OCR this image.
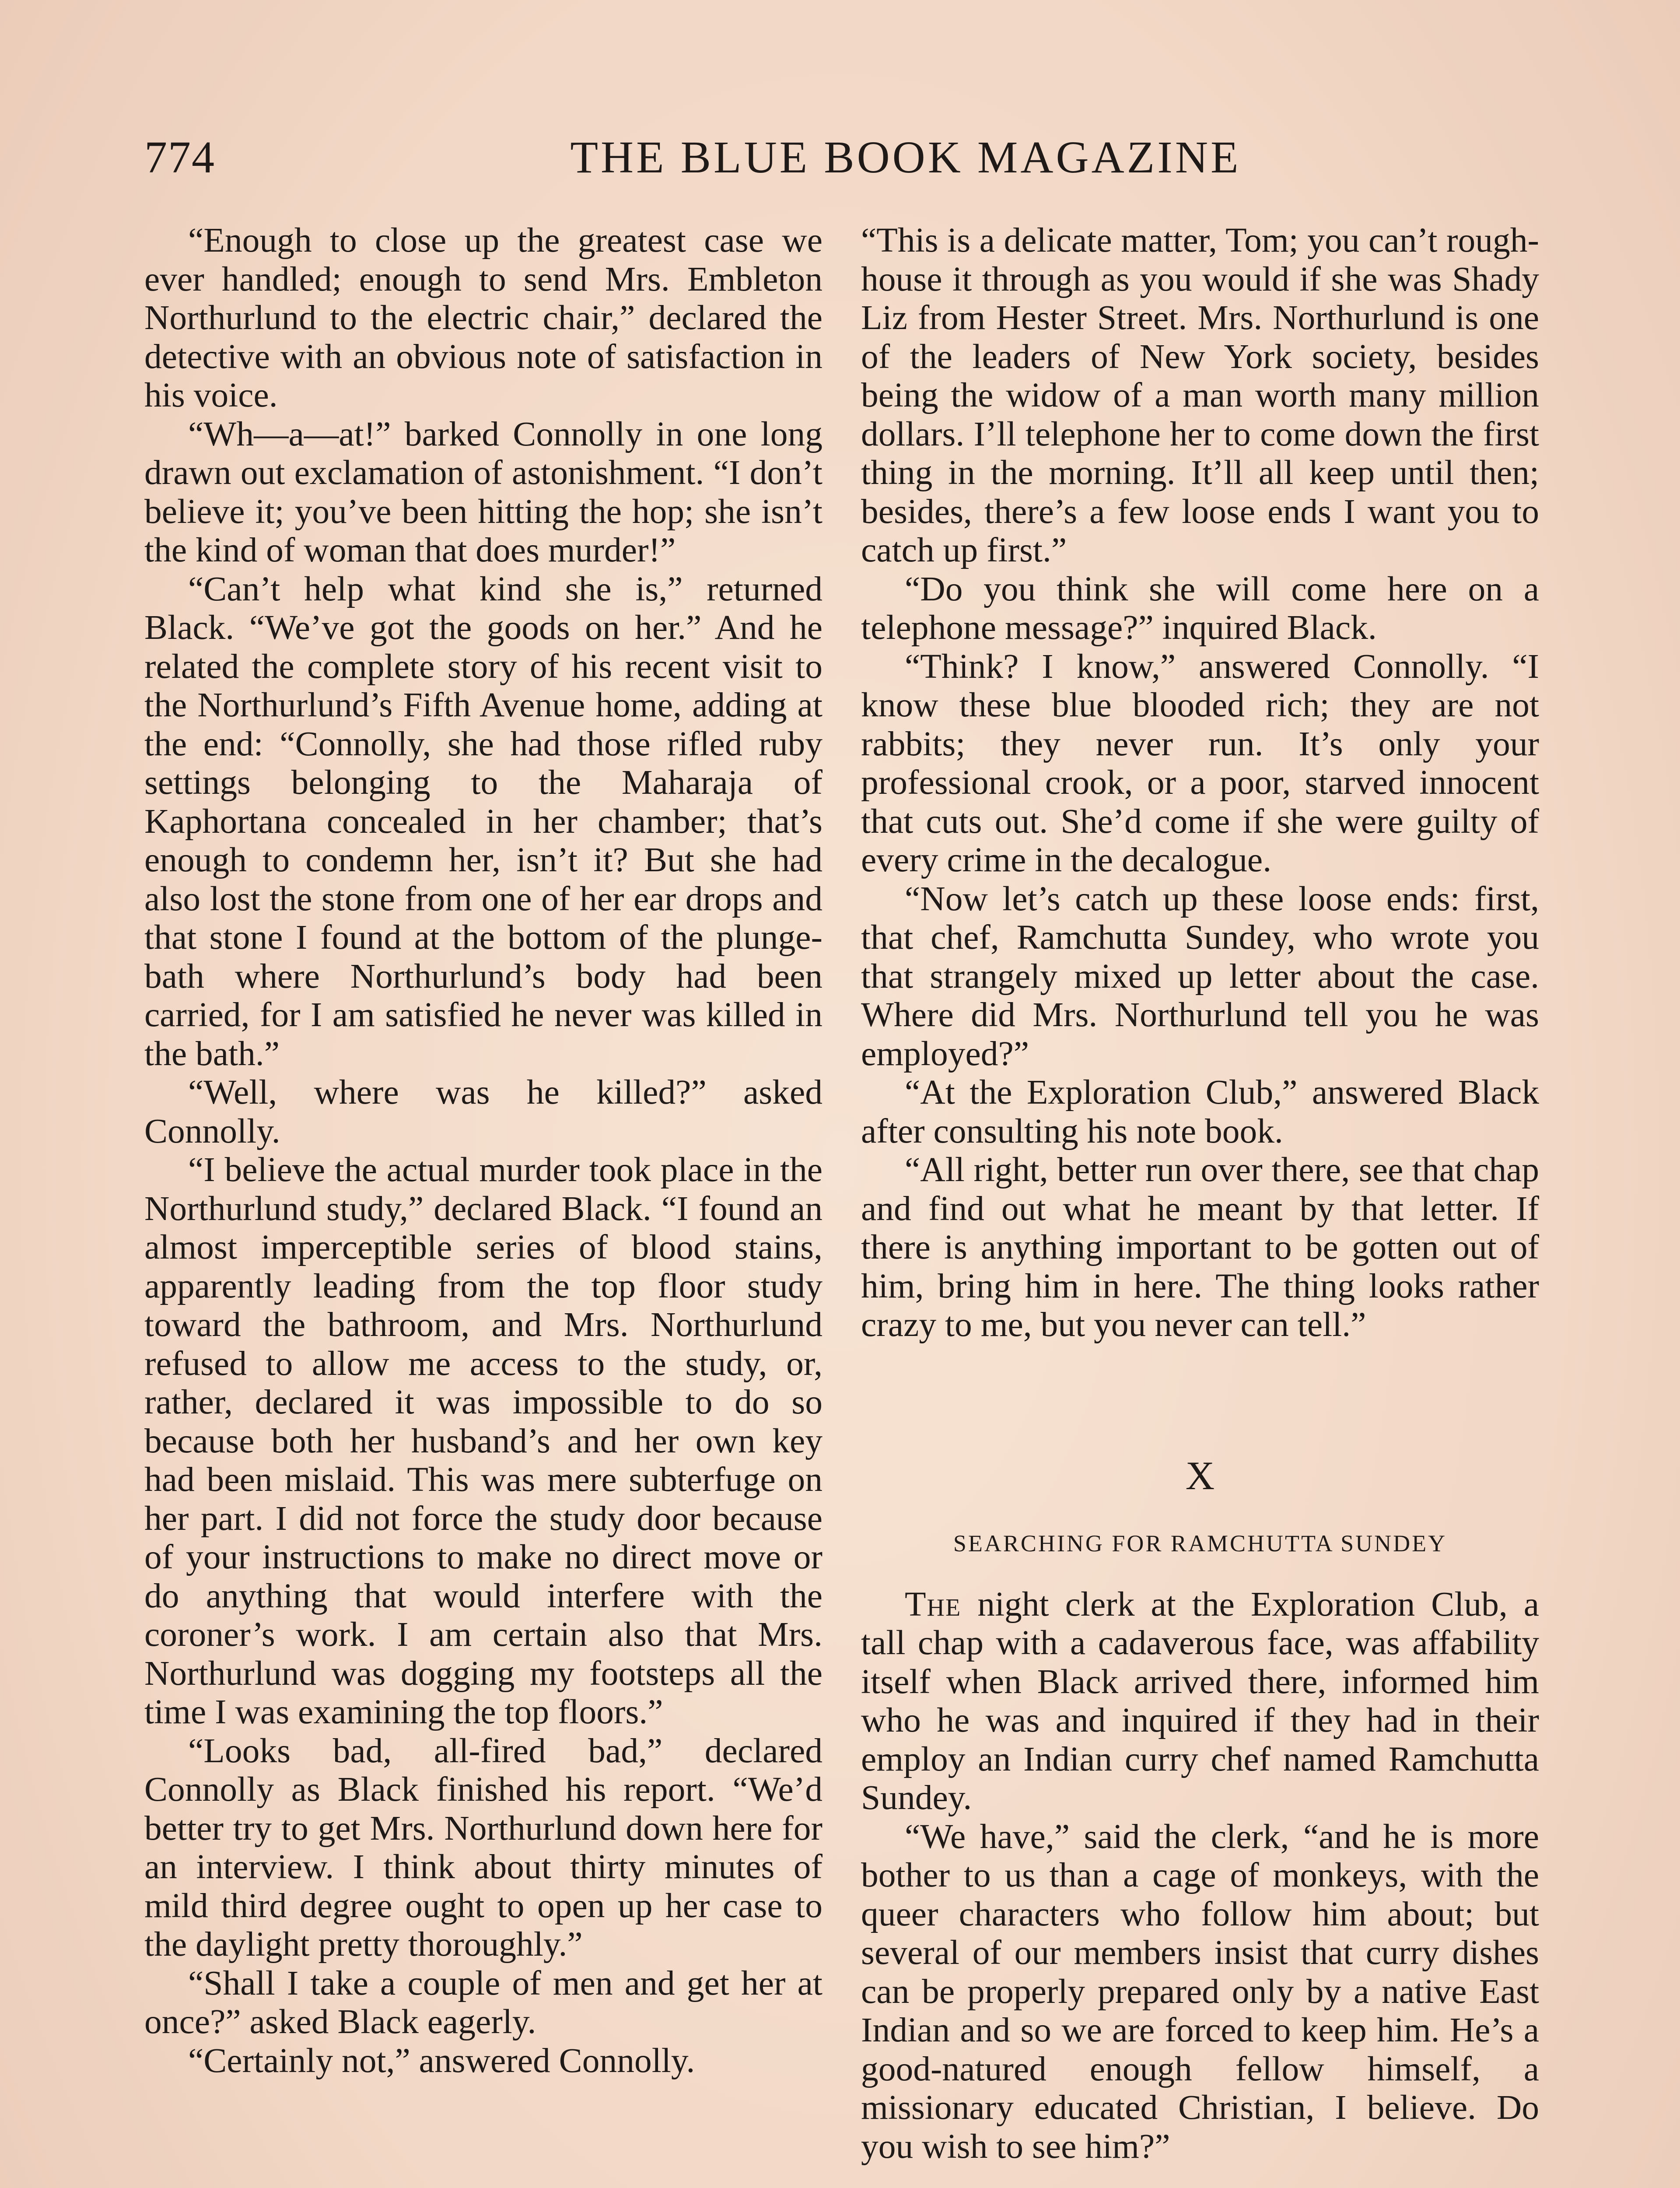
774	THE BLUE BOOK MAGAZINE

“Enough to close up the greatest case we ever handled; enough to send Mrs. Embleton Northurlund to the electric chair,” declared the detective with an obvious note of satisfaction in his voice.

“Wh—a—at!” barked Connolly in one long drawn out exclamation of astonishment. “I don’t believe it; you’ve been hitting the hop; she isn’t the kind of woman that does murder!”

“Can’t help what kind she is,” returned Black. “We’ve got the goods on her.” And he related the complete story of his recent visit to the Northurlund’s Fifth Avenue home, adding at the end: “Connolly, she had those rifled ruby settings belonging to the Maharaja of Kaphortana concealed in her chamber; that’s enough to condemn her, isn’t it? But she had also lost the stone from one of her ear drops and that stone I found at the bottom of the plunge-bath where Northurlund’s body had been carried, for I am satisfied he never was killed in the bath.”

“Well, where was he killed?” asked Connolly.

“I believe the actual murder took place in the Northurlund study,” declared Black. “I found an almost imperceptible series of blood stains, apparently leading from the top floor study toward the bathroom, and Mrs. Northurlund refused to allow me access to the study, or, rather, declared it was impossible to do so because both her husband’s and her own key had been mislaid. This was mere subterfuge on her part. I did not force the study door because of your instructions to make no direct move or do anything that would interfere with the coroner’s work. I am certain also that Mrs. Northurlund was dogging my footsteps all the time I was examining the top floors.”

“Looks bad, all-fired bad,” declared Connolly as Black finished his report. “We’d better try to get Mrs. Northurlund down here for an interview. I think about thirty minutes of mild third degree ought to open up her case to the daylight pretty thoroughly.”

“Shall I take a couple of men and get her at once?” asked Black eagerly.

“Certainly not,” answered Connolly.

“This is a delicate matter, Tom; you can’t rough-house it through as you would if she was Shady Liz from Hester Street. Mrs. Northurlund is one of the leaders of New York society, besides being the widow of a man worth many million dollars. I’ll telephone her to come down the first thing in the morning. It’ll all keep until then; besides, there’s a few loose ends I want you to catch up first.”

“Do you think she will come here on a telephone message?” inquired Black.

“Think? I know,” answered Connolly. “I know these blue blooded rich; they are not rabbits; they never run. It’s only your professional crook, or a poor, starved innocent that cuts out. She’d come if she were guilty of every crime in the decalogue.

“Now let’s catch up these loose ends: first, that chef, Ramchutta Sundey, who wrote you that strangely mixed up letter about the case. Where did Mrs. Northurlund tell you he was employed?”

“At the Exploration Club,” answered Black after consulting his note book.

“All right, better run over there, see that chap and find out what he meant by that letter. If there is anything important to be gotten out of him, bring him in here. The thing looks rather crazy to me, but you never can tell.”

X
SEARCHING FOR RAMCHUTTA SUNDEY

The night clerk at the Exploration Club, a tall chap with a cadaverous face, was affability itself when Black arrived there, informed him who he was and inquired if they had in their employ an Indian curry chef named Ramchutta Sundey.

“We have,” said the clerk, “and he is more bother to us than a cage of monkeys, with the queer characters who follow him about; but several of our members insist that curry dishes can be properly prepared only by a native East Indian and so we are forced to keep him. He’s a good-natured enough fellow himself, a missionary educated Christian, I believe. Do you wish to see him?”
